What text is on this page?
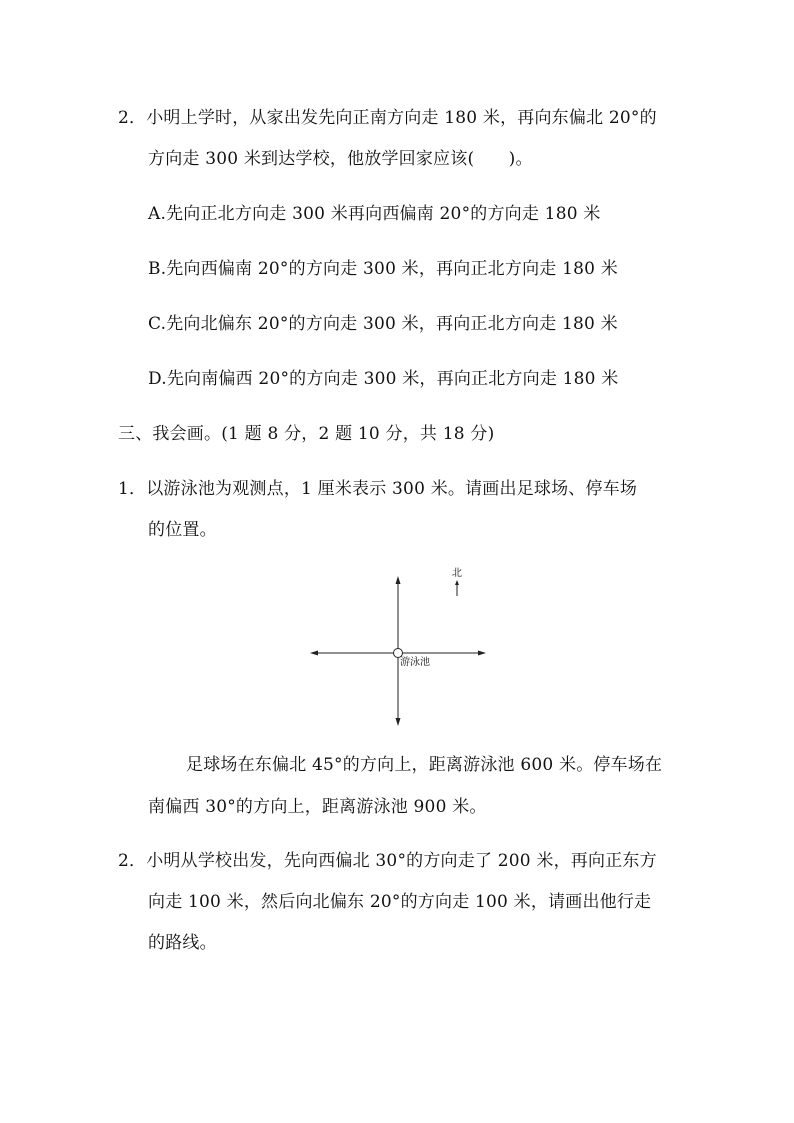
2．小明上学时，从家出发先向正南方向走 180 米，再向东偏北 20°的
方向走 300 米到达学校，他放学回家应该(　　)。
A.先向正北方向走 300 米再向西偏南 20°的方向走 180 米
B.先向西偏南 20°的方向走 300 米，再向正北方向走 180 米
C.先向北偏东 20°的方向走 300 米，再向正北方向走 180 米
D.先向南偏西 20°的方向走 300 米，再向正北方向走 180 米
三、我会画。(1 题 8 分，2 题 10 分，共 18 分)
1．以游泳池为观测点，1 厘米表示 300 米。请画出足球场、停车场
的位置。
北
游泳池
足球场在东偏北 45°的方向上，距离游泳池 600 米。停车场在
南偏西 30°的方向上，距离游泳池 900 米。
2．小明从学校出发，先向西偏北 30°的方向走了 200 米，再向正东方
向走 100 米，然后向北偏东 20°的方向走 100 米，请画出他行走
的路线。
